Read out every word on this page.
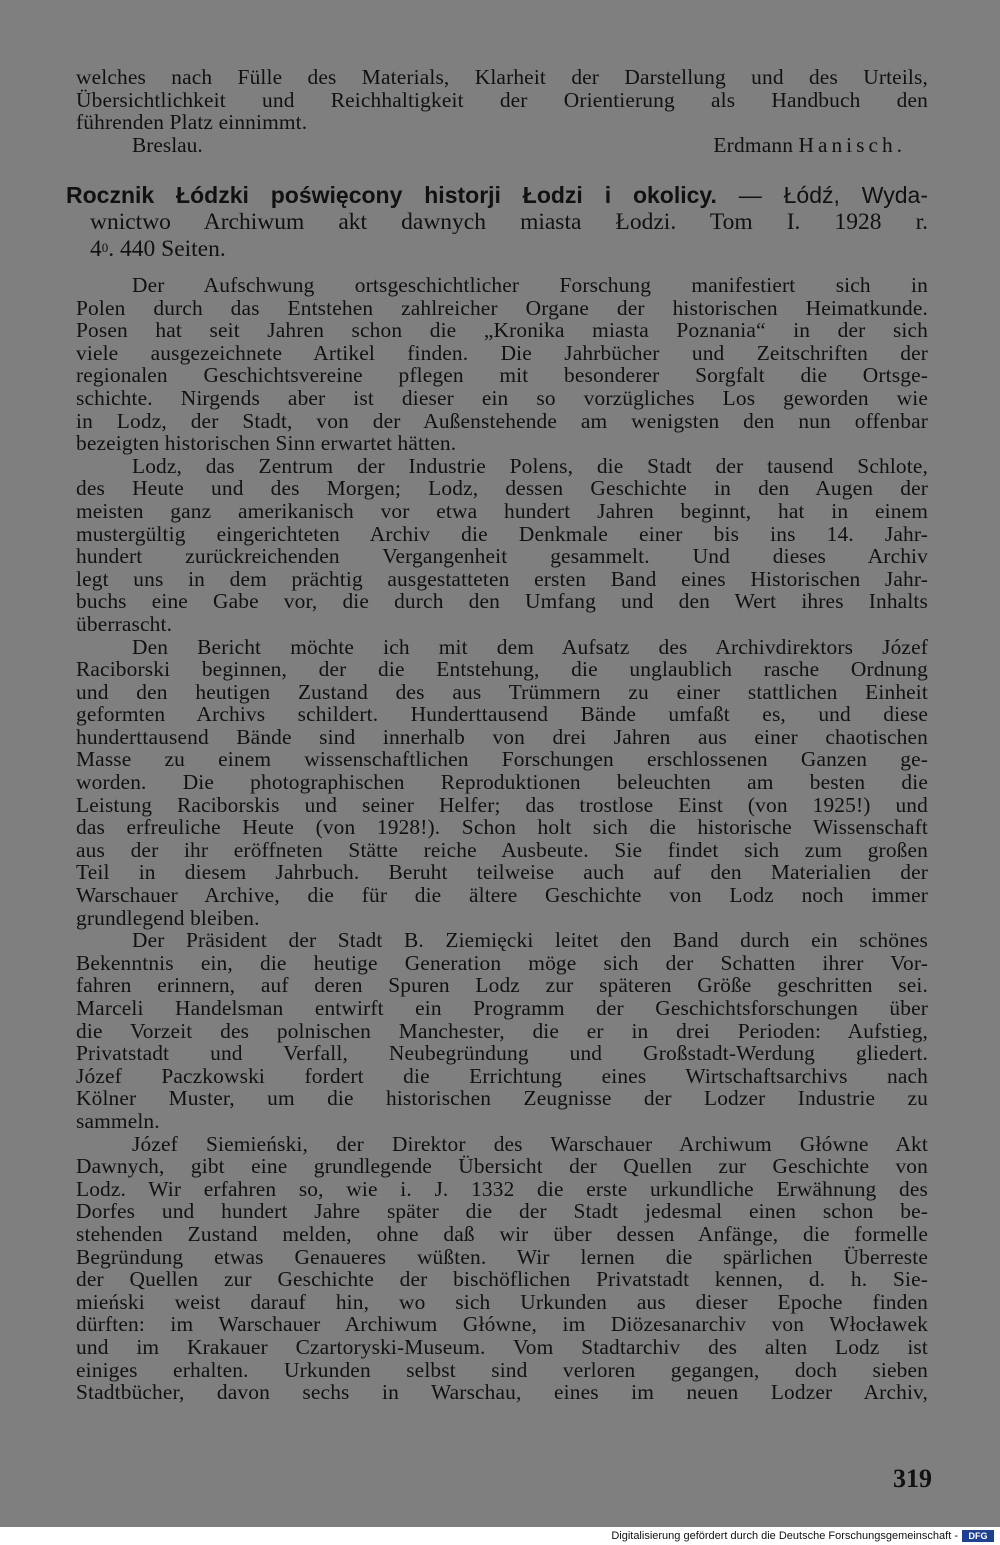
welches nach Fülle des Materials, Klarheit der Darstellung und des Urteils,
Übersichtlichkeit und Reichhaltigkeit der Orientierung als Handbuch den
führenden Platz einnimmt.
Breslau.	Erdmann Hanisch.
Rocznik Łódzki poświęcony historji Łodzi i okolicy. — Łódź, Wyda-
wnictwo Archiwum akt dawnych miasta Łodzi. Tom I. 1928 r.
$4^0$. 440 Seiten.
Der Aufschwung ortsgeschichtlicher Forschung manifestiert sich in
Polen durch das Entstehen zahlreicher Organe der historischen Heimatkunde.
Posen hat seit Jahren schon die „Kronika miasta Poznania“ in der sich
viele ausgezeichnete Artikel finden. Die Jahrbücher und Zeitschriften der
regionalen Geschichtsvereine pflegen mit besonderer Sorgfalt die Ortsge-
schichte. Nirgends aber ist dieser ein so vorzügliches Los geworden wie
in Lodz, der Stadt, von der Außenstehende am wenigsten den nun offenbar
bezeigten historischen Sinn erwartet hätten.
Lodz, das Zentrum der Industrie Polens, die Stadt der tausend Schlote,
des Heute und des Morgen; Lodz, dessen Geschichte in den Augen der
meisten ganz amerikanisch vor etwa hundert Jahren beginnt, hat in einem
mustergültig eingerichteten Archiv die Denkmale einer bis ins 14. Jahr-
hundert zurückreichenden Vergangenheit gesammelt. Und dieses Archiv
legt uns in dem prächtig ausgestatteten ersten Band eines Historischen Jahr-
buchs eine Gabe vor, die durch den Umfang und den Wert ihres Inhalts
überrascht.
Den Bericht möchte ich mit dem Aufsatz des Archivdirektors Józef
Raciborski beginnen, der die Entstehung, die unglaublich rasche Ordnung
und den heutigen Zustand des aus Trümmern zu einer stattlichen Einheit
geformten Archivs schildert. Hunderttausend Bände umfaßt es, und diese
hunderttausend Bände sind innerhalb von drei Jahren aus einer chaotischen
Masse zu einem wissenschaftlichen Forschungen erschlossenen Ganzen ge-
worden. Die photographischen Reproduktionen beleuchten am besten die
Leistung Raciborskis und seiner Helfer; das trostlose Einst (von 1925!) und
das erfreuliche Heute (von 1928!). Schon holt sich die historische Wissenschaft
aus der ihr eröffneten Stätte reiche Ausbeute. Sie findet sich zum großen
Teil in diesem Jahrbuch. Beruht teilweise auch auf den Materialien der
Warschauer Archive, die für die ältere Geschichte von Lodz noch immer
grundlegend bleiben.
Der Präsident der Stadt B. Ziemięcki leitet den Band durch ein schönes
Bekenntnis ein, die heutige Generation möge sich der Schatten ihrer Vor-
fahren erinnern, auf deren Spuren Lodz zur späteren Größe geschritten sei.
Marceli Handelsman entwirft ein Programm der Geschichtsforschungen über
die Vorzeit des polnischen Manchester, die er in drei Perioden: Aufstieg,
Privatstadt und Verfall, Neubegründung und Großstadt-Werdung gliedert.
Józef Paczkowski fordert die Errichtung eines Wirtschaftsarchivs nach
Kölner Muster, um die historischen Zeugnisse der Lodzer Industrie zu
sammeln.
Józef Siemieński, der Direktor des Warschauer Archiwum Główne Akt
Dawnych, gibt eine grundlegende Übersicht der Quellen zur Geschichte von
Lodz. Wir erfahren so, wie i. J. 1332 die erste urkundliche Erwähnung des
Dorfes und hundert Jahre später die der Stadt jedesmal einen schon be-
stehenden Zustand melden, ohne daß wir über dessen Anfänge, die formelle
Begründung etwas Genaueres wüßten. Wir lernen die spärlichen Überreste
der Quellen zur Geschichte der bischöflichen Privatstadt kennen, d. h. Sie-
mieński weist darauf hin, wo sich Urkunden aus dieser Epoche finden
dürften: im Warschauer Archiwum Główne, im Diözesanarchiv von Włocławek
und im Krakauer Czartoryski-Museum. Vom Stadtarchiv des alten Lodz ist
einiges erhalten. Urkunden selbst sind verloren gegangen, doch sieben
Stadtbücher, davon sechs in Warschau, eines im neuen Lodzer Archiv,
319
Digitalisierung gefördert durch die Deutsche Forschungsgemeinschaft -	DFG
